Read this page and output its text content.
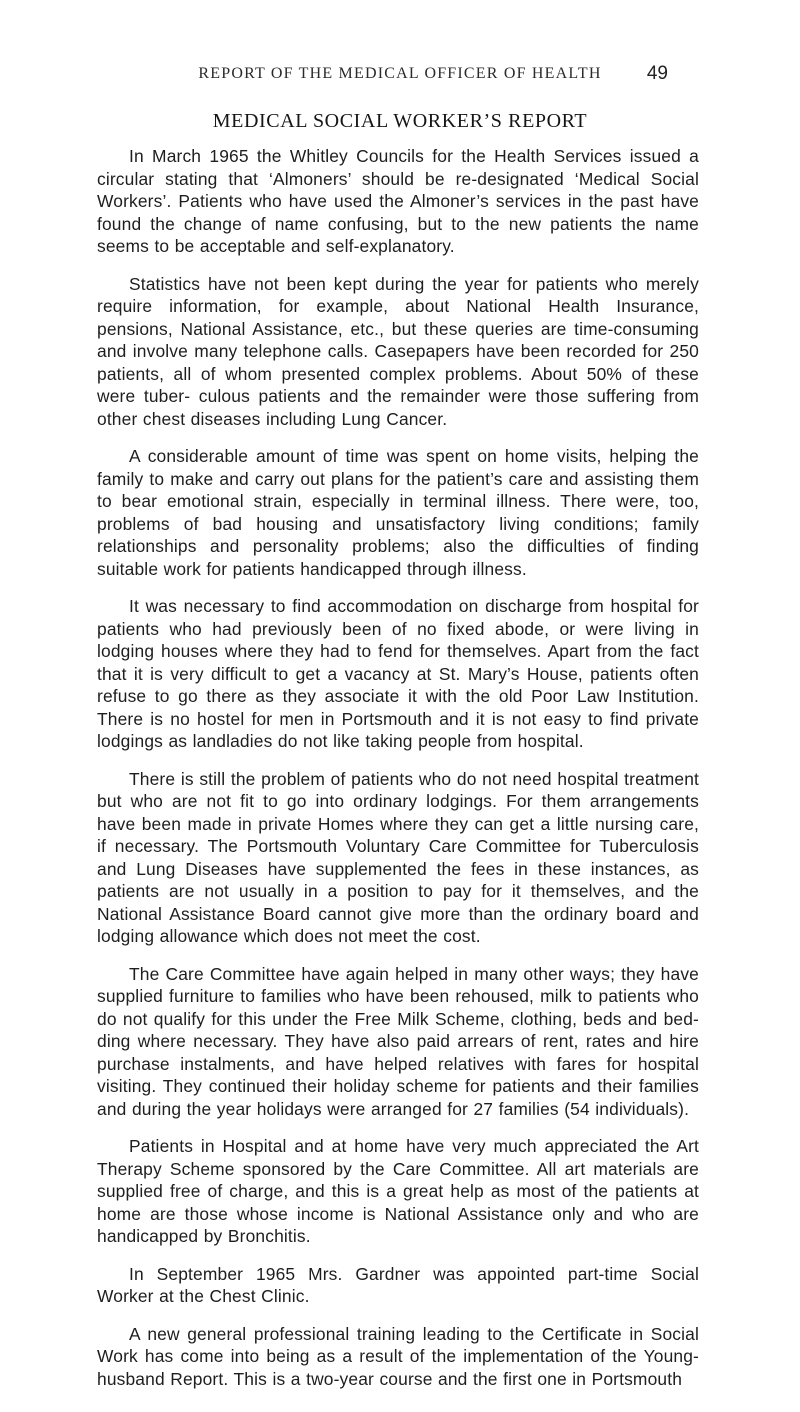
REPORT OF THE MEDICAL OFFICER OF HEALTH	49
MEDICAL SOCIAL WORKER’S REPORT

In March 1965 the Whitley Councils for the Health Services issued a circular stating that ‘Almoners’ should be re-designated ‘Medical Social Workers’. Patients who have used the Almoner’s services in the past have found the change of name confusing, but to the new patients the name seems to be acceptable and self-explanatory.

Statistics have not been kept during the year for patients who merely require information, for example, about National Health Insurance, pensions, National Assistance, etc., but these queries are time-consuming and involve many telephone calls. Casepapers have been recorded for 250 patients, all of whom presented complex problems. About 50% of these were tuber- culous patients and the remainder were those suffering from other chest diseases including Lung Cancer.

A considerable amount of time was spent on home visits, helping the family to make and carry out plans for the patient’s care and assisting them to bear emotional strain, especially in terminal illness. There were, too, problems of bad housing and unsatisfactory living conditions; family relationships and personality problems; also the difficulties of finding suitable work for patients handicapped through illness.

It was necessary to find accommodation on discharge from hospital for patients who had previously been of no fixed abode, or were living in lodging houses where they had to fend for themselves. Apart from the fact that it is very difficult to get a vacancy at St. Mary’s House, patients often refuse to go there as they associate it with the old Poor Law Institution. There is no hostel for men in Portsmouth and it is not easy to find private lodgings as landladies do not like taking people from hospital.

There is still the problem of patients who do not need hospital treatment but who are not fit to go into ordinary lodgings. For them arrangements have been made in private Homes where they can get a little nursing care, if necessary. The Portsmouth Voluntary Care Committee for Tuberculosis and Lung Diseases have supplemented the fees in these instances, as patients are not usually in a position to pay for it themselves, and the National Assistance Board cannot give more than the ordinary board and lodging allowance which does not meet the cost.

The Care Committee have again helped in many other ways; they have supplied furniture to families who have been rehoused, milk to patients who do not qualify for this under the Free Milk Scheme, clothing, beds and bed- ding where necessary. They have also paid arrears of rent, rates and hire purchase instalments, and have helped relatives with fares for hospital visiting. They continued their holiday scheme for patients and their families and during the year holidays were arranged for 27 families (54 individuals).

Patients in Hospital and at home have very much appreciated the Art Therapy Scheme sponsored by the Care Committee. All art materials are supplied free of charge, and this is a great help as most of the patients at home are those whose income is National Assistance only and who are handicapped by Bronchitis.

In September 1965 Mrs. Gardner was appointed part-time Social Worker at the Chest Clinic.

A new general professional training leading to the Certificate in Social Work has come into being as a result of the implementation of the Young- husband Report. This is a two-year course and the first one in Portsmouth
